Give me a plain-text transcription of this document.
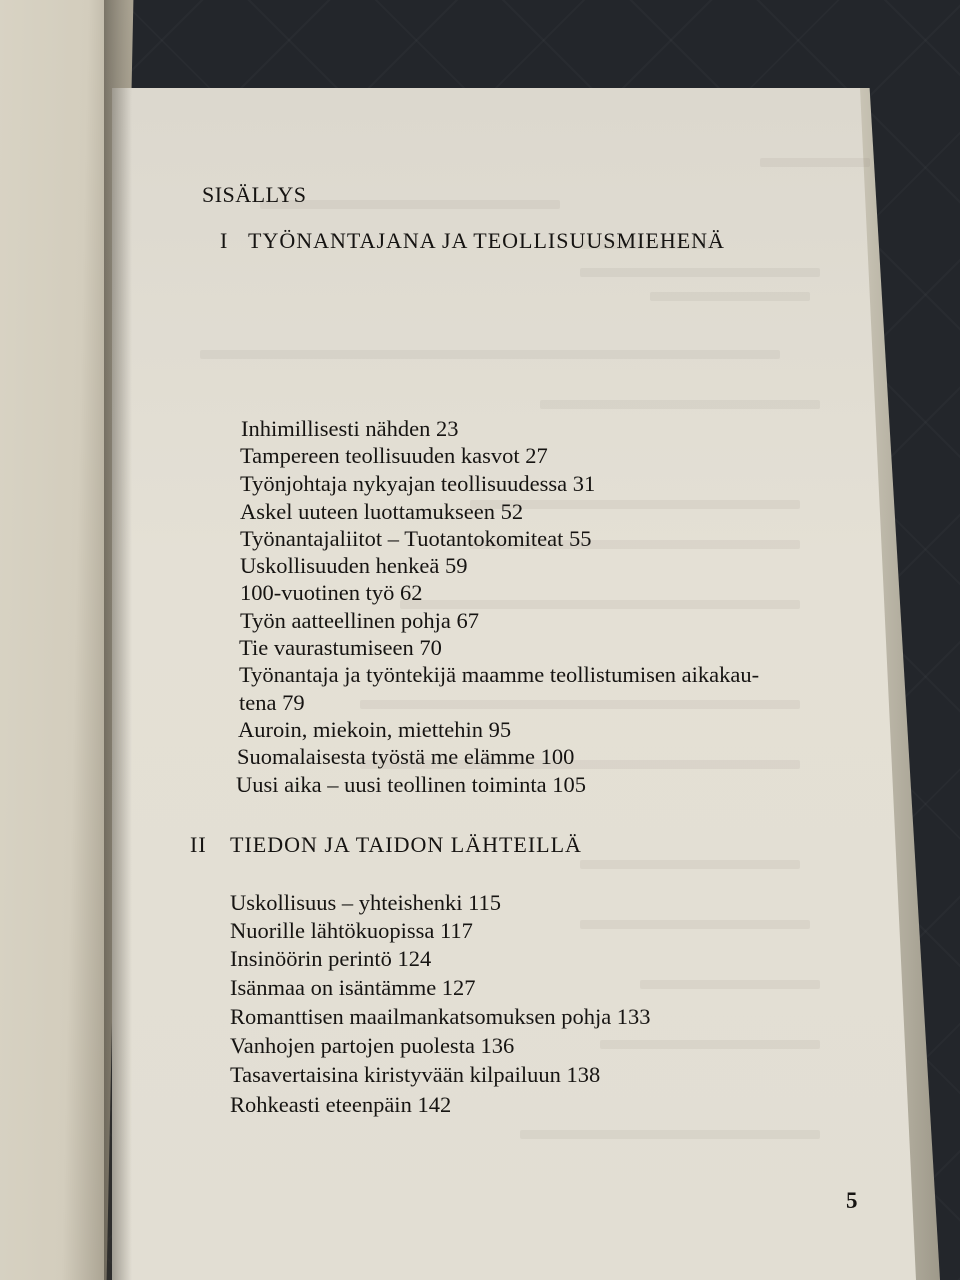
SISÄLLYS
I TYÖNANTAJANA JA TEOLLISUUSMIEHENÄ
Inhimillisesti nähden 23
Tampereen teollisuuden kasvot 27
Työnjohtaja nykyajan teollisuudessa 31
Askel uuteen luottamukseen 52
Työnantajaliitot – Tuotantokomiteat 55
Uskollisuuden henkeä 59
100-vuotinen työ 62
Työn aatteellinen pohja 67
Tie vaurastumiseen 70
Työnantaja ja työntekijä maamme teollistumisen aikakau-
tena 79
Auroin, miekoin, miettehin 95
Suomalaisesta työstä me elämme 100
Uusi aika – uusi teollinen toiminta 105
II TIEDON JA TAIDON LÄHTEILLÄ
Uskollisuus – yhteishenki 115
Nuorille lähtökuopissa 117
Insinöörin perintö 124
Isänmaa on isäntämme 127
Romanttisen maailmankatsomuksen pohja 133
Vanhojen partojen puolesta 136
Tasavertaisina kiristyvään kilpailuun 138
Rohkeasti eteenpäin 142
5
